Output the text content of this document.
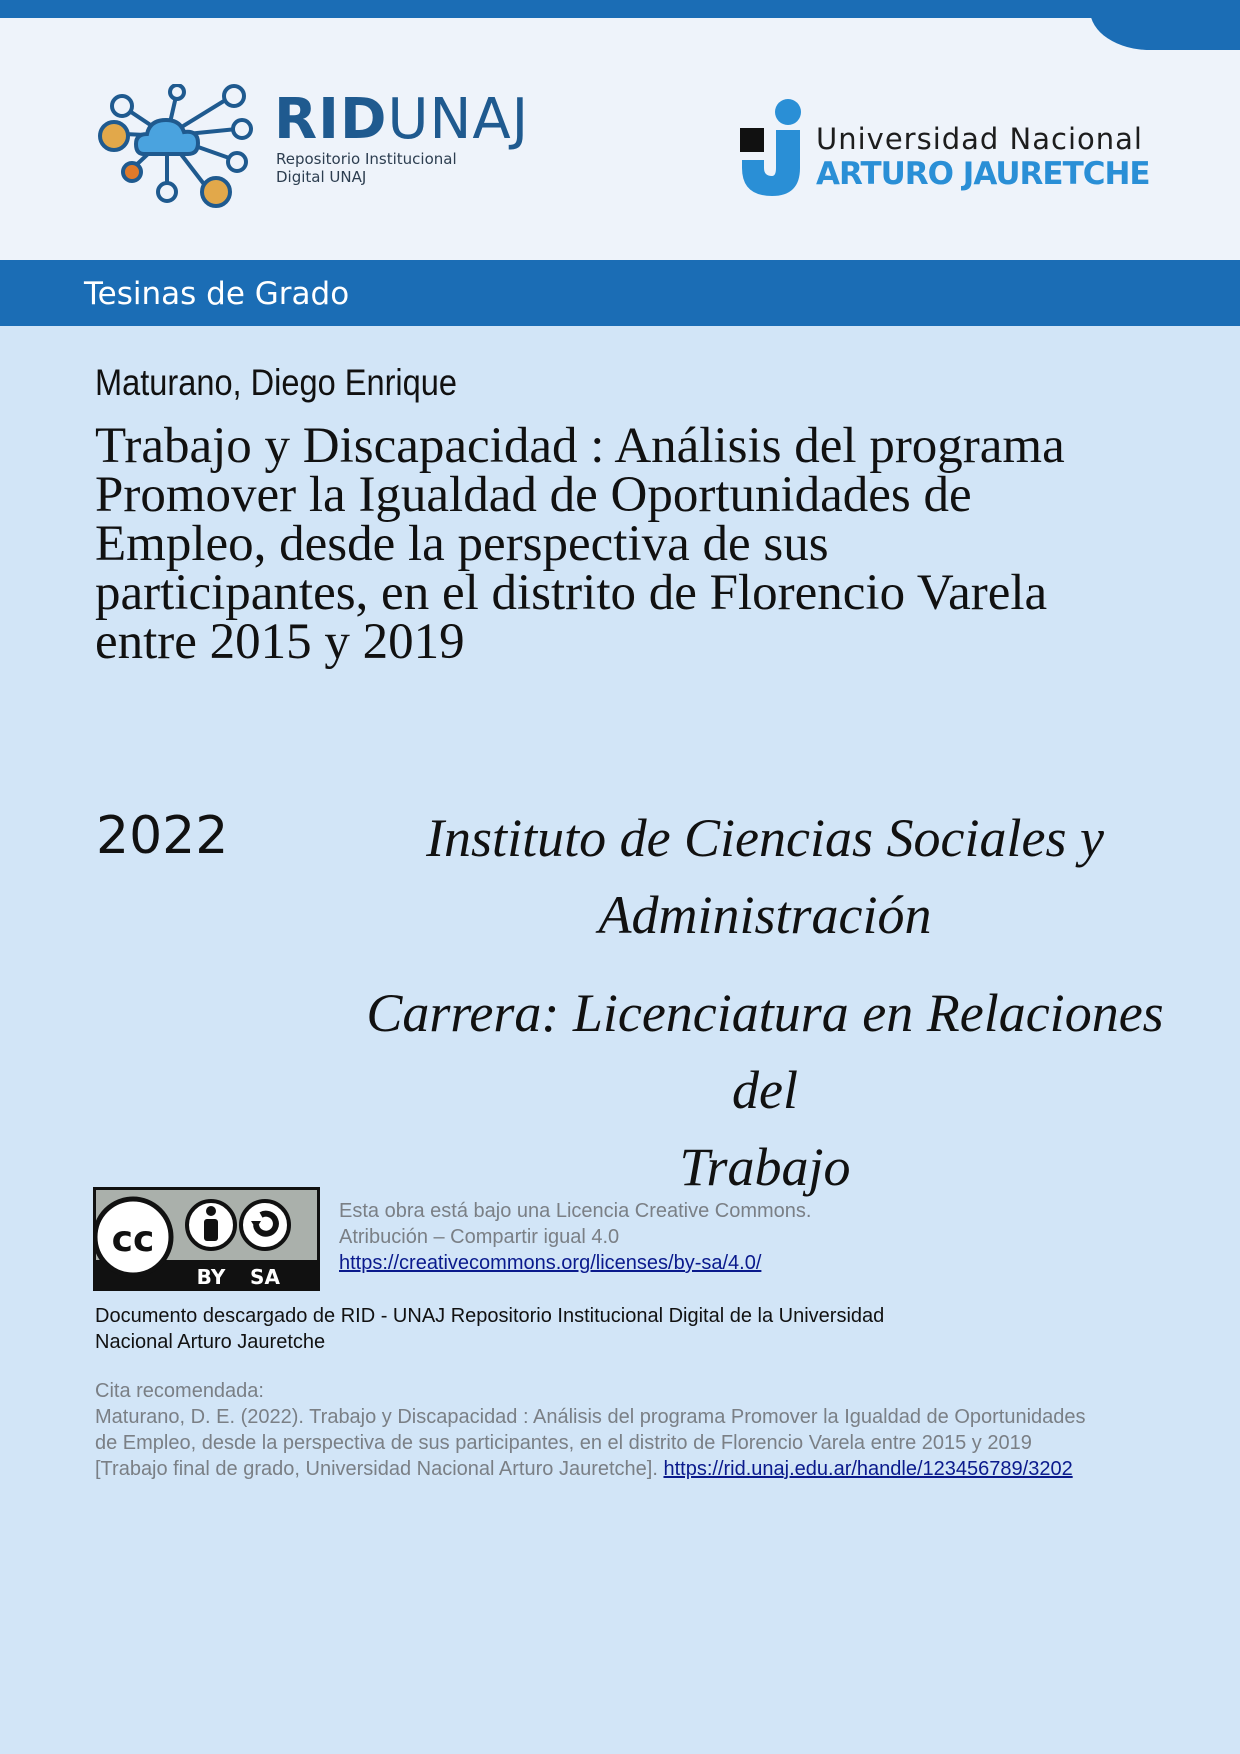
RIDUNAJ
Repositorio Institucional
Digital UNAJ
Universidad Nacional
ARTURO JAURETCHE
Tesinas de Grado
Maturano, Diego Enrique
Trabajo y Discapacidad : Análisis del programa
Promover la Igualdad de Oportunidades de
Empleo, desde la perspectiva de sus
participantes, en el distrito de Florencio Varela
entre 2015 y 2019
2022	Instituto de Ciencias Sociales y
Administración
Carrera: Licenciatura en Relaciones del
Trabajo
cc
BY SA
Esta obra está bajo una Licencia Creative Commons.
Atribución – Compartir igual 4.0
https://creativecommons.org/licenses/by-sa/4.0/
Documento descargado de RID - UNAJ Repositorio Institucional Digital de la Universidad
Nacional Arturo Jauretche
Cita recomendada:
Maturano, D. E. (2022). Trabajo y Discapacidad : Análisis del programa Promover la Igualdad de Oportunidades
de Empleo, desde la perspectiva de sus participantes, en el distrito de Florencio Varela entre 2015 y 2019
[Trabajo final de grado, Universidad Nacional Arturo Jauretche]. https://rid.unaj.edu.ar/handle/123456789/3202
